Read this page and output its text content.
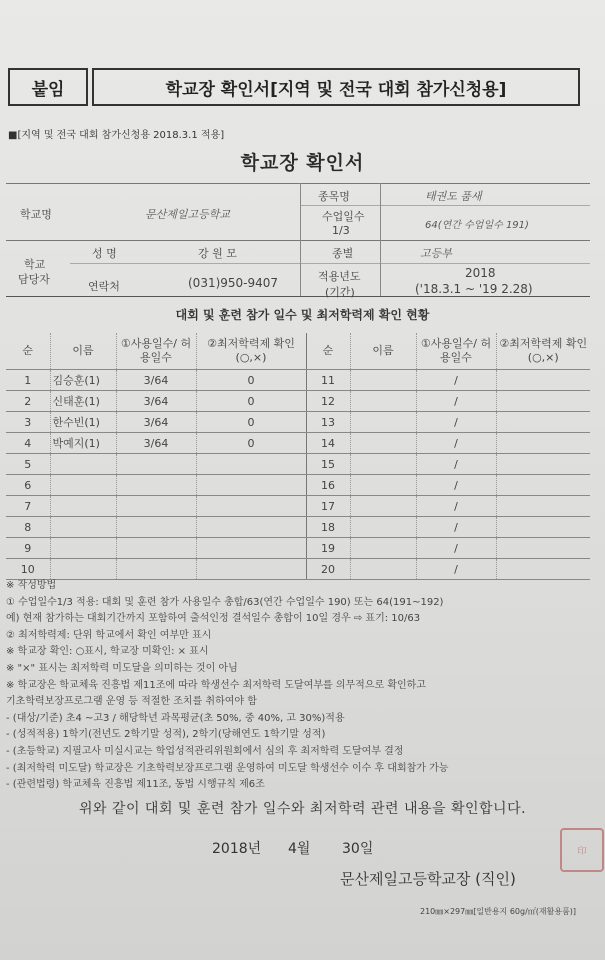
붙임	학교장 확인서[지역 및 전국 대회 참가신청용]
■[지역 및 전국 대회 참가신청용 2018.3.1 적용]
학교장 확인서
학교명	문산제일고등학교
종목명	태권도 품새
수업일수
1/3	64(연간 수업일수 191)
학교
담당자
성 명	강 원 모
연락처	(031)950-9407
종별	고등부
적용년도
(기간)
2018
('18.3.1 ~ '19 2.28)
대회 및 훈련 참가 일수 및 최저학력제 확인 현황
순	이름	①사용일수/ 허용일수	②최저학력제 확인(○,×)	순	이름	①사용일수/ 허용일수	②최저학력제 확인(○,×)
1	김승훈(1)	3/64	0	11		/	
2	신태훈(1)	3/64	0	12		/	
3	한수빈(1)	3/64	0	13		/	
4	박예지(1)	3/64	0	14		/	
5				15		/	
6				16		/	
7				17		/	
8				18		/	
9				19		/	
10				20		/	
※ 작성방법
① 수업일수1/3 적용: 대회 및 훈련 참가 사용일수 총합/63(연간 수업일수 190) 또는 64(191~192)
예) 현재 참가하는 대회기간까지 포함하여 출석인정 결석일수 총합이 10일 경우 ⇨ 표기: 10/63
② 최저학력제: 단위 학교에서 확인 여부만 표시
※ 학교장 확인: ○표시, 학교장 미확인: × 표시
※ "×" 표시는 최저학력 미도달을 의미하는 것이 아님
※ 학교장은 학교체육 진흥법 제11조에 따라 학생선수 최저학력 도달여부를 의무적으로 확인하고
기초학력보장프로그램 운영 등 적절한 조치를 취하여야 함
- (대상/기준) 초4 ~고3 / 해당학년 과목평균(초 50%, 중 40%, 고 30%)적용
- (성적적용) 1학기(전년도 2학기말 성적), 2학기(당해연도 1학기말 성적)
- (초등학교) 지필고사 미실시교는 학업성적관리위원회에서 심의 후 최저학력 도달여부 결정
- (최저학력 미도달) 학교장은 기초학력보장프로그램 운영하여 미도달 학생선수 이수 후 대회참가 가능
- (관련법령) 학교체육 진흥법 제11조, 동법 시행규칙 제6조
위와 같이 대회 및 훈련 참가 일수와 최저학력 관련 내용을 확인합니다.
2018년 4월 30일
문산제일고등학교장 (직인)
印
210㎜×297㎜[일반용지 60g/㎡(재활용품)]
